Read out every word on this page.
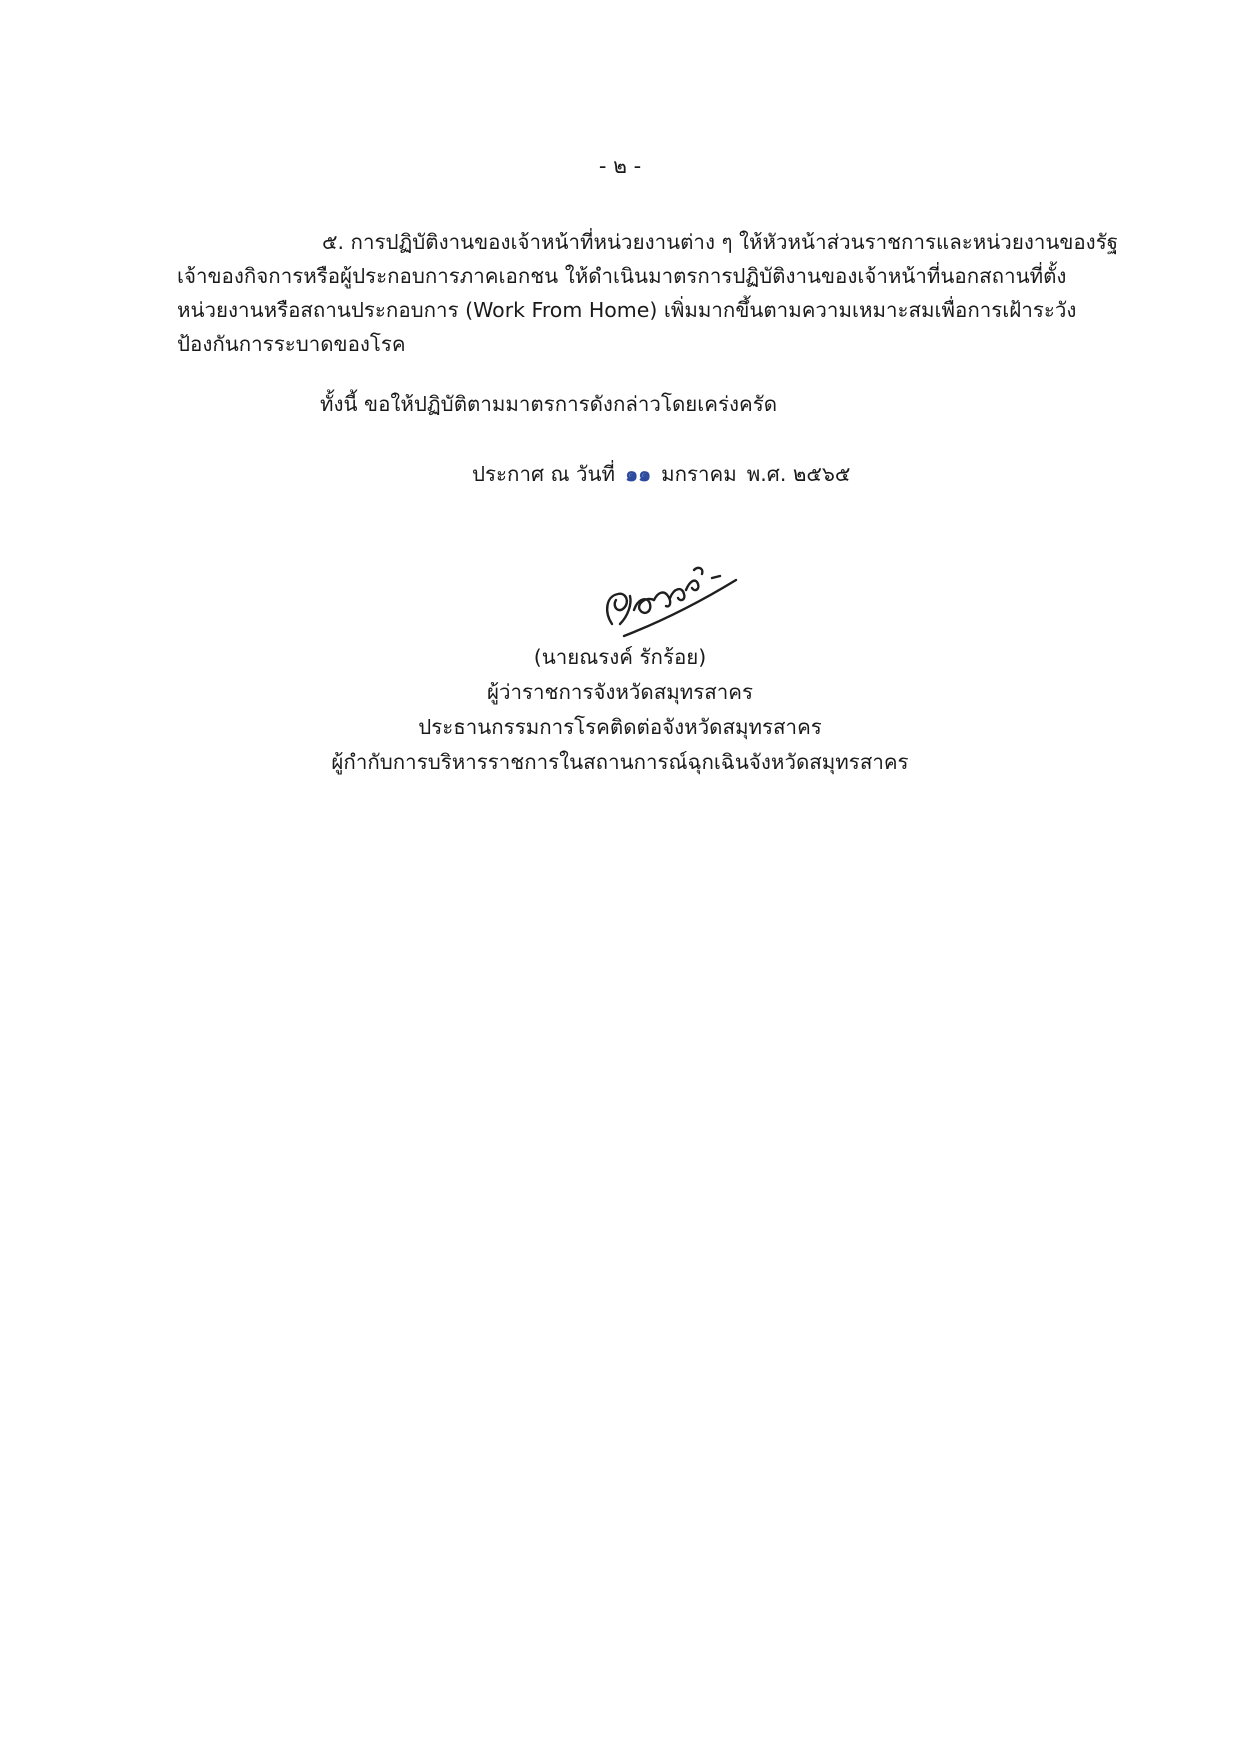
- ๒ -
๕. การปฏิบัติงานของเจ้าหน้าที่หน่วยงานต่าง ๆ ให้หัวหน้าส่วนราชการและหน่วยงานของรัฐ
เจ้าของกิจการหรือผู้ประกอบการภาคเอกชน ให้ดำเนินมาตรการปฏิบัติงานของเจ้าหน้าที่นอกสถานที่ตั้ง
หน่วยงานหรือสถานประกอบการ (Work From Home) เพิ่มมากขึ้นตามความเหมาะสมเพื่อการเฝ้าระวัง
ป้องกันการระบาดของโรค
ทั้งนี้ ขอให้ปฏิบัติตามมาตรการดังกล่าวโดยเคร่งครัด
ประกาศ ณ วันที่ ๑๑ มกราคม พ.ศ. ๒๕๖๕
(นายณรงค์ รักร้อย)
ผู้ว่าราชการจังหวัดสมุทรสาคร
ประธานกรรมการโรคติดต่อจังหวัดสมุทรสาคร
ผู้กำกับการบริหารราชการในสถานการณ์ฉุกเฉินจังหวัดสมุทรสาคร
